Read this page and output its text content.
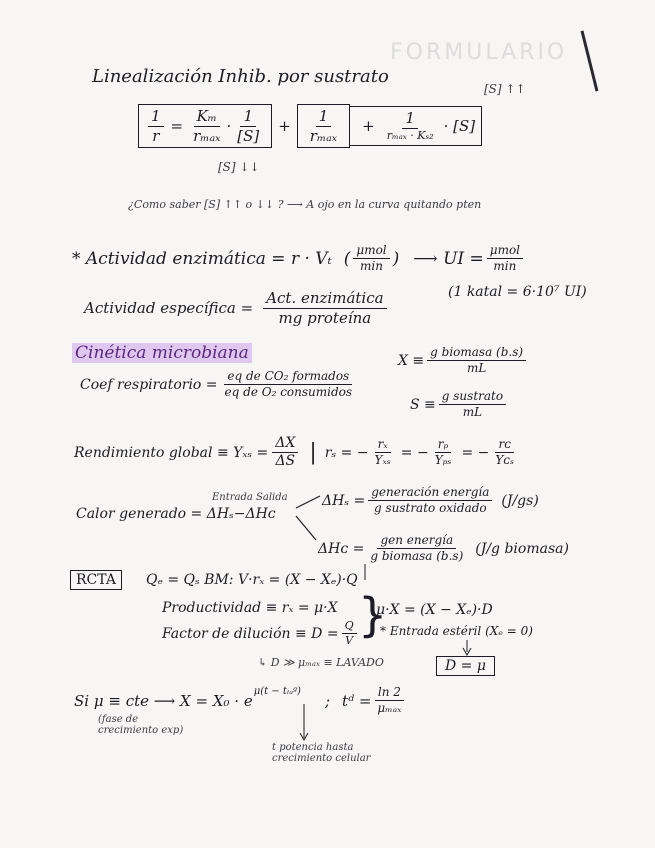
FORMULARIO
Linealización Inhib. por sustrato
[S] ↑↑
$\frac{1}{r} = \frac{\text{Kₘ}}{\text{rₘₐₓ}} \cdot \frac{1}{[S]} + \frac{1}{\text{rₘₐₓ}} + \frac{1}{\text{rₘₐₓ · Kₛ₂}} \cdot [S]$
[S] ↓↓
¿Como saber [S] ↑↑ o ↓↓ ? ⟶ A ojo en la curva quitando pten
* Actividad enzimática = r · Vₜ ( $\frac{\text{μmol}}{\min}$ ) ⟶ UI = $\frac{\text{μmol}}{\min}$
(1 katal = 6·10⁷ UI)
Actividad específica = $\frac{\text{Act. enzimática}}{\text{mg proteína}}$
Cinética microbiana	$X \equiv \frac{\text{g biomasa (b.s)}}{mL}$
$S \equiv \frac{\text{g sustrato}}{mL}$
Coef respiratorio = $\frac{\text{eq de CO₂ formados}}{\text{eq de O₂ consumidos}}$
Rendimiento global ≡ $Y_{xs} = \frac{\Delta X}{\Delta S}$ | rₛ = − $\frac{\text{rₓ}}{\text{Yₓₛ}}$ = − $\frac{\text{rₚ}}{\text{Yₚₛ}}$ = − $\frac{\text{rᴄ}}{\text{Yᴄₛ}}$
Entrada Salida
Calor generado = ΔHₛ−ΔHᴄ
$\Delta H_s = \frac{\text{generación energía}}{\text{g sustrato oxidado}} (J/gs)$
ΔHᴄ = $\frac{\text{gen energía}}{\text{g biomasa (b.s)}} (J/g$ biomasa)
RCTA	Qₑ = Qₛ BM: V·rₓ = (X − Xₑ)·Q
Productividad ≡ rₓ = μ·X
Factor de dilución ≡ $D = \frac{Q}{V}$ }
μ·X = (X − Xₑ)·D
* Entrada estéril (Xₑ = 0)
D = μ
↳ D ≫ μₘₐₓ ≡ LAVADO
Si μ ≡ cte ⟶ X = X₀ · e
$^{\mu(t - t_{la}ᵍ)}$
; tᵈ = $\frac{\ln 2}{\text{μₘₐₓ}}$
(fase de crecimiento exp)
t potencia hasta crecimiento celular
